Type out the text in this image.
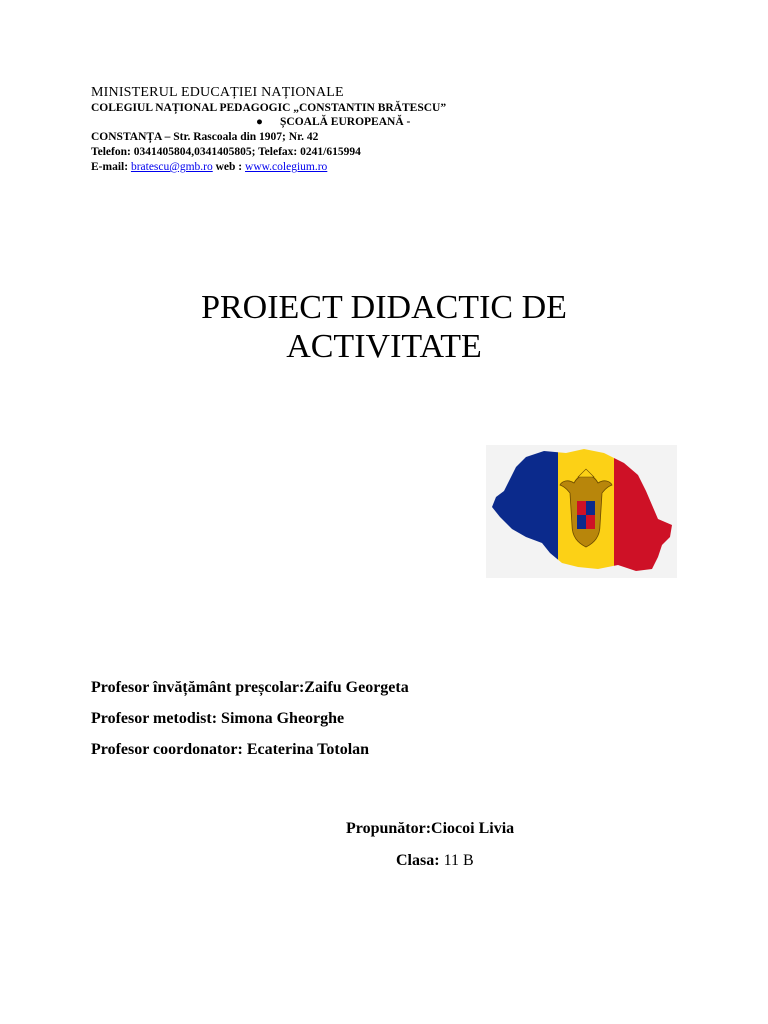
MINISTERUL EDUCAȚIEI NAȚIONALE
COLEGIUL NAȚIONAL PEDAGOGIC „CONSTANTIN BRĂTESCU”
● ȘCOALĂ EUROPEANĂ -
CONSTANȚA – Str. Rascoala din 1907; Nr. 42
Telefon: 0341405804,0341405805; Telefax: 0241/615994
E-mail: bratescu@gmb.ro web : www.colegium.ro
PROIECT DIDACTIC DE
ACTIVITATE
Profesor învățământ preșcolar:Zaifu Georgeta
Profesor metodist: Simona Gheorghe
Profesor coordonator: Ecaterina Totolan
Propunător:Ciocoi Livia
Clasa: 11 B
